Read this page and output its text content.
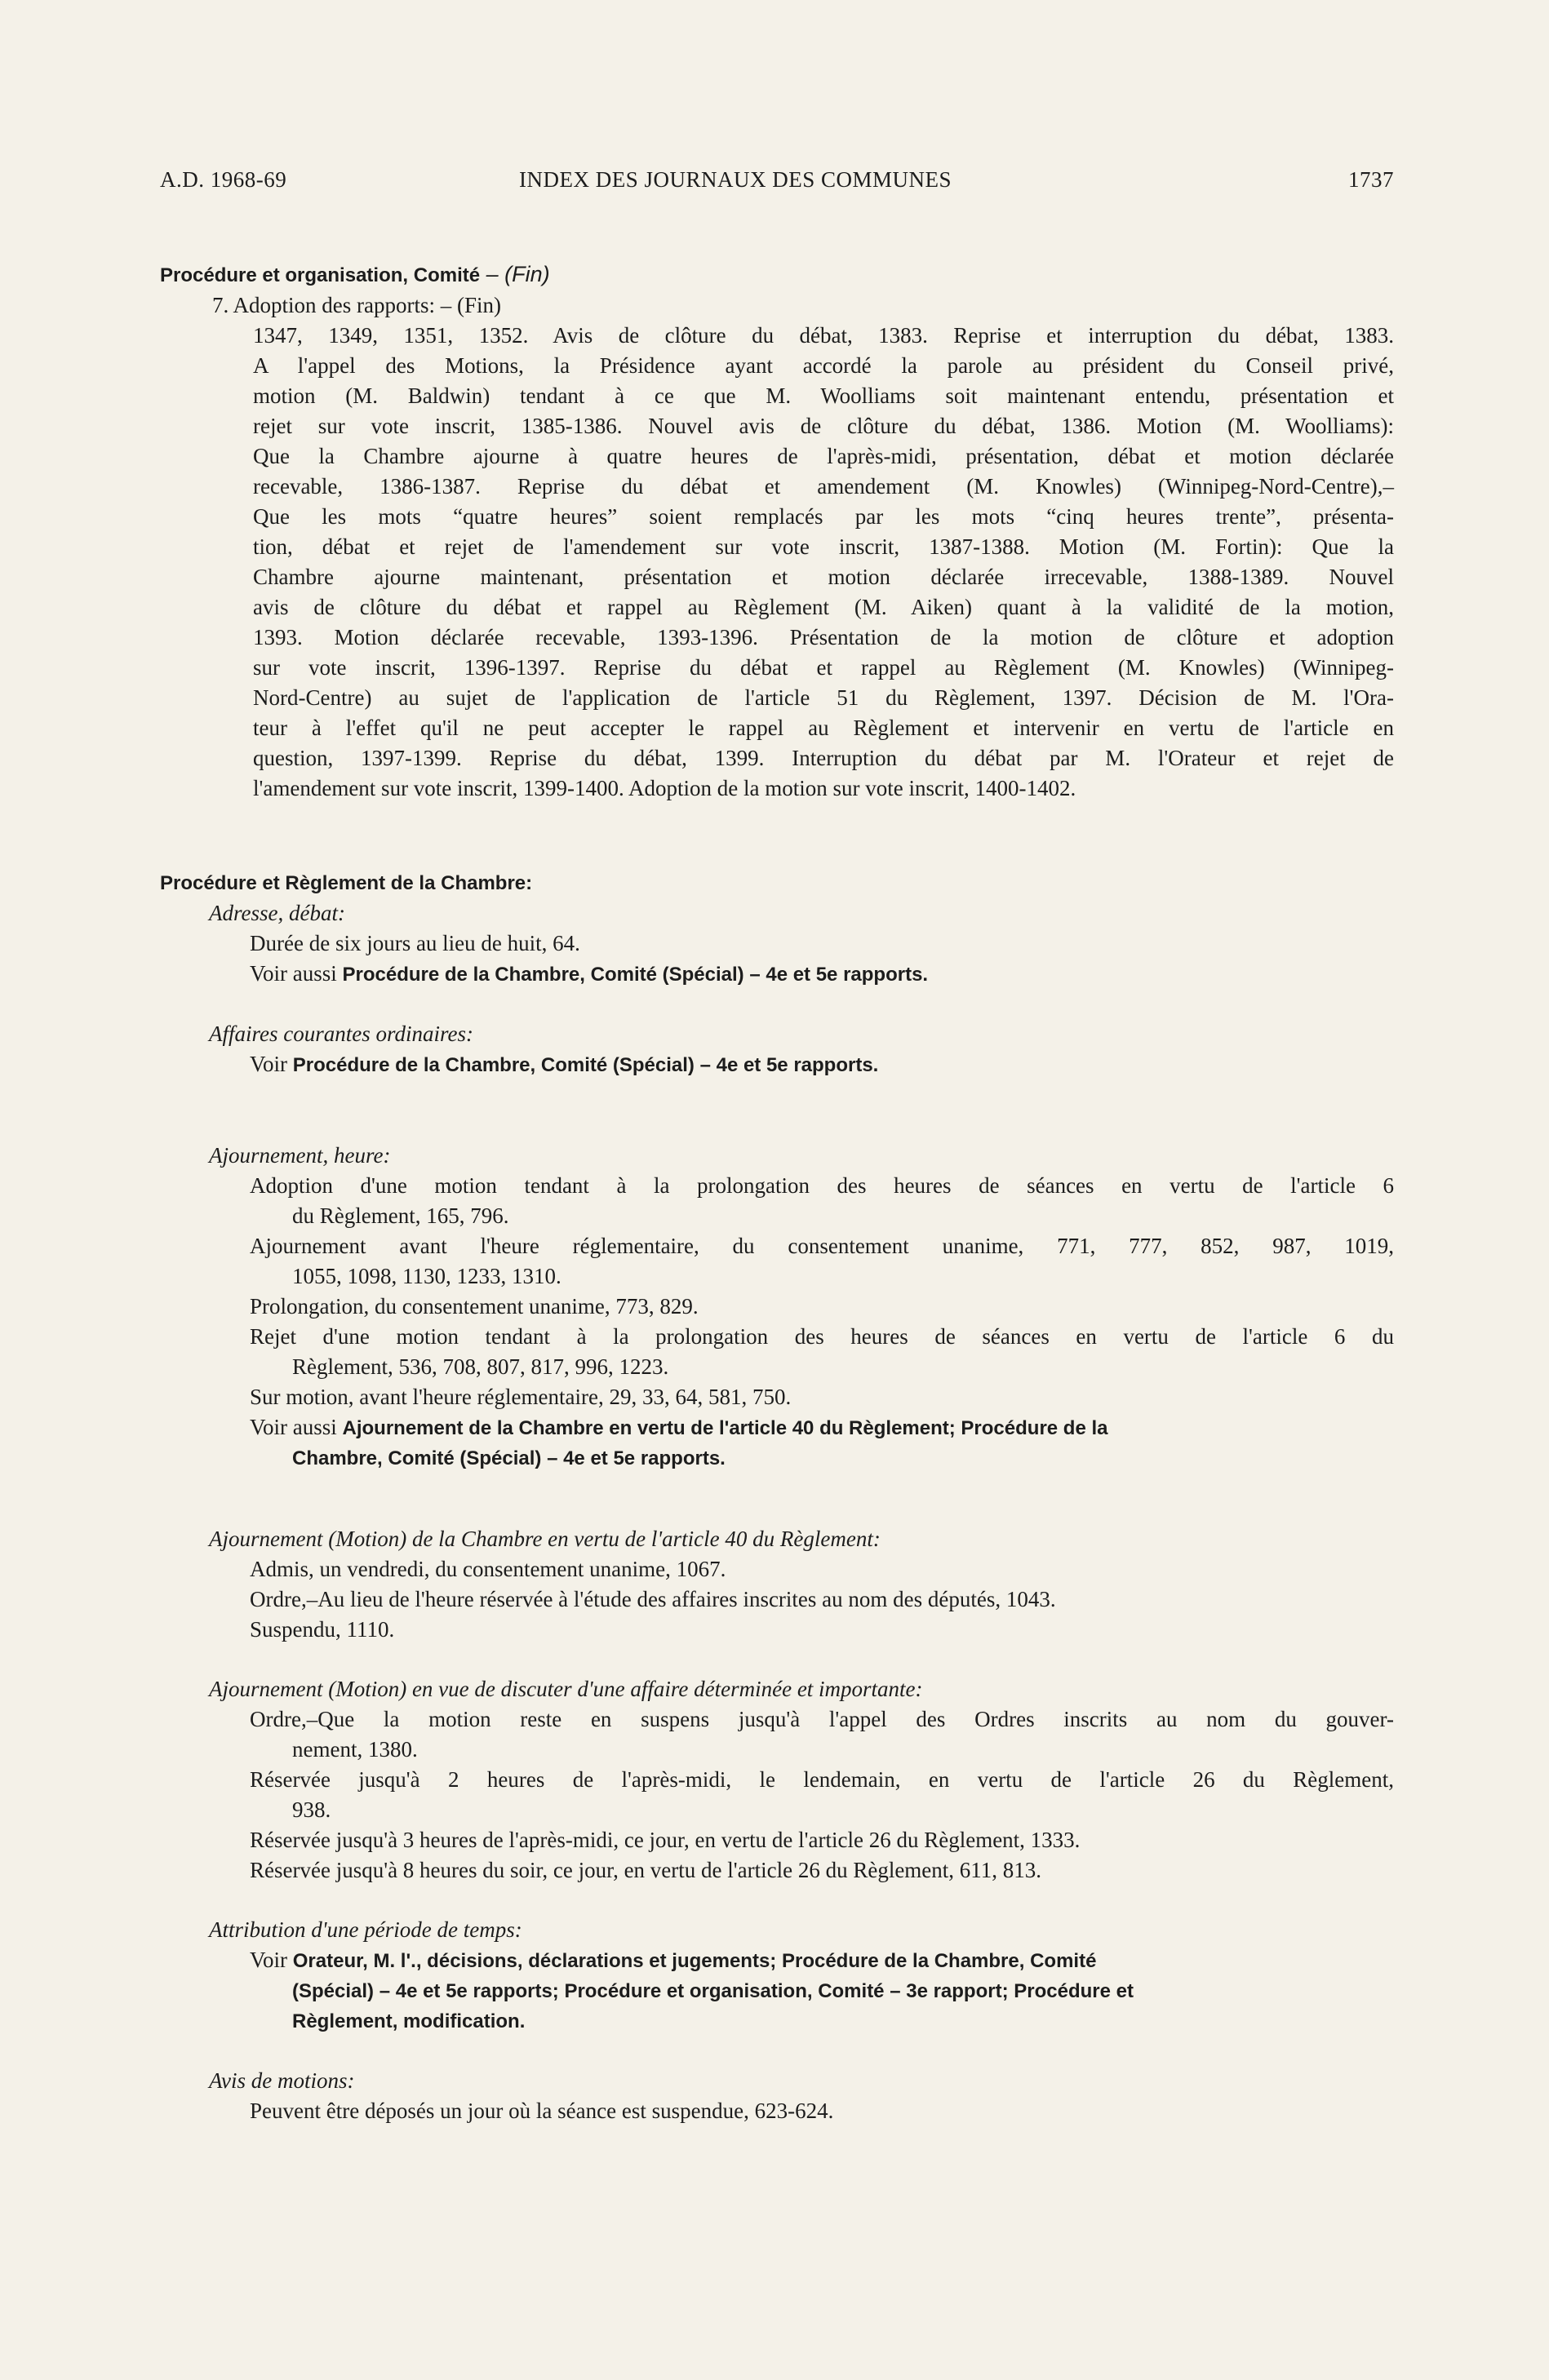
A.D. 1968-69	INDEX DES JOURNAUX DES COMMUNES	1737
Procédure et organisation, Comité – (Fin)
7. Adoption des rapports: – (Fin)
1347, 1349, 1351, 1352. Avis de clôture du débat, 1383. Reprise et interruption du débat, 1383.
A l'appel des Motions, la Présidence ayant accordé la parole au président du Conseil privé,
motion (M. Baldwin) tendant à ce que M. Woolliams soit maintenant entendu, présentation et
rejet sur vote inscrit, 1385-1386. Nouvel avis de clôture du débat, 1386. Motion (M. Woolliams):
Que la Chambre ajourne à quatre heures de l'après-midi, présentation, débat et motion déclarée
recevable, 1386-1387. Reprise du débat et amendement (M. Knowles) (Winnipeg-Nord-Centre),–
Que les mots “quatre heures” soient remplacés par les mots “cinq heures trente”, présenta-
tion, débat et rejet de l'amendement sur vote inscrit, 1387-1388. Motion (M. Fortin): Que la
Chambre ajourne maintenant, présentation et motion déclarée irrecevable, 1388-1389. Nouvel
avis de clôture du débat et rappel au Règlement (M. Aiken) quant à la validité de la motion,
1393. Motion déclarée recevable, 1393-1396. Présentation de la motion de clôture et adoption
sur vote inscrit, 1396-1397. Reprise du débat et rappel au Règlement (M. Knowles) (Winnipeg-
Nord-Centre) au sujet de l'application de l'article 51 du Règlement, 1397. Décision de M. l'Ora-
teur à l'effet qu'il ne peut accepter le rappel au Règlement et intervenir en vertu de l'article en
question, 1397-1399. Reprise du débat, 1399. Interruption du débat par M. l'Orateur et rejet de
l'amendement sur vote inscrit, 1399-1400. Adoption de la motion sur vote inscrit, 1400-1402.
Procédure et Règlement de la Chambre:
Adresse, débat:
Durée de six jours au lieu de huit, 64.
Voir aussi Procédure de la Chambre, Comité (Spécial) – 4e et 5e rapports.
Affaires courantes ordinaires:
Voir Procédure de la Chambre, Comité (Spécial) – 4e et 5e rapports.
Ajournement, heure:
Adoption d'une motion tendant à la prolongation des heures de séances en vertu de l'article 6
du Règlement, 165, 796.
Ajournement avant l'heure réglementaire, du consentement unanime, 771, 777, 852, 987, 1019,
1055, 1098, 1130, 1233, 1310.
Prolongation, du consentement unanime, 773, 829.
Rejet d'une motion tendant à la prolongation des heures de séances en vertu de l'article 6 du
Règlement, 536, 708, 807, 817, 996, 1223.
Sur motion, avant l'heure réglementaire, 29, 33, 64, 581, 750.
Voir aussi Ajournement de la Chambre en vertu de l'article 40 du Règlement; Procédure de la
Chambre, Comité (Spécial) – 4e et 5e rapports.
Ajournement (Motion) de la Chambre en vertu de l'article 40 du Règlement:
Admis, un vendredi, du consentement unanime, 1067.
Ordre,–Au lieu de l'heure réservée à l'étude des affaires inscrites au nom des députés, 1043.
Suspendu, 1110.
Ajournement (Motion) en vue de discuter d'une affaire déterminée et importante:
Ordre,–Que la motion reste en suspens jusqu'à l'appel des Ordres inscrits au nom du gouver-
nement, 1380.
Réservée jusqu'à 2 heures de l'après-midi, le lendemain, en vertu de l'article 26 du Règlement,
938.
Réservée jusqu'à 3 heures de l'après-midi, ce jour, en vertu de l'article 26 du Règlement, 1333.
Réservée jusqu'à 8 heures du soir, ce jour, en vertu de l'article 26 du Règlement, 611, 813.
Attribution d'une période de temps:
Voir Orateur, M. l'., décisions, déclarations et jugements; Procédure de la Chambre, Comité
(Spécial) – 4e et 5e rapports; Procédure et organisation, Comité – 3e rapport; Procédure et
Règlement, modification.
Avis de motions:
Peuvent être déposés un jour où la séance est suspendue, 623-624.
